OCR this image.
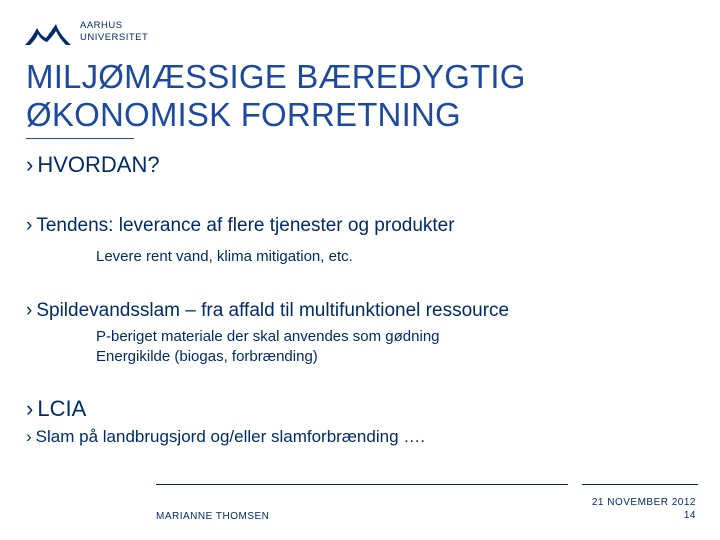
AARHUS
UNIVERSITET
MILJØMÆSSIGE BÆREDYGTIG
ØKONOMISK FORRETNING
› HVORDAN?
› Tendens: leverance af flere tjenester og produkter
Levere rent vand, klima mitigation, etc.
› Spildevandsslam – fra affald til multifunktionel ressource
P-beriget materiale der skal anvendes som gødning
Energikilde (biogas, forbrænding)
› LCIA
› Slam på landbrugsjord og/eller slamforbrænding ….
MARIANNE THOMSEN
21 NOVEMBER 2012
14
